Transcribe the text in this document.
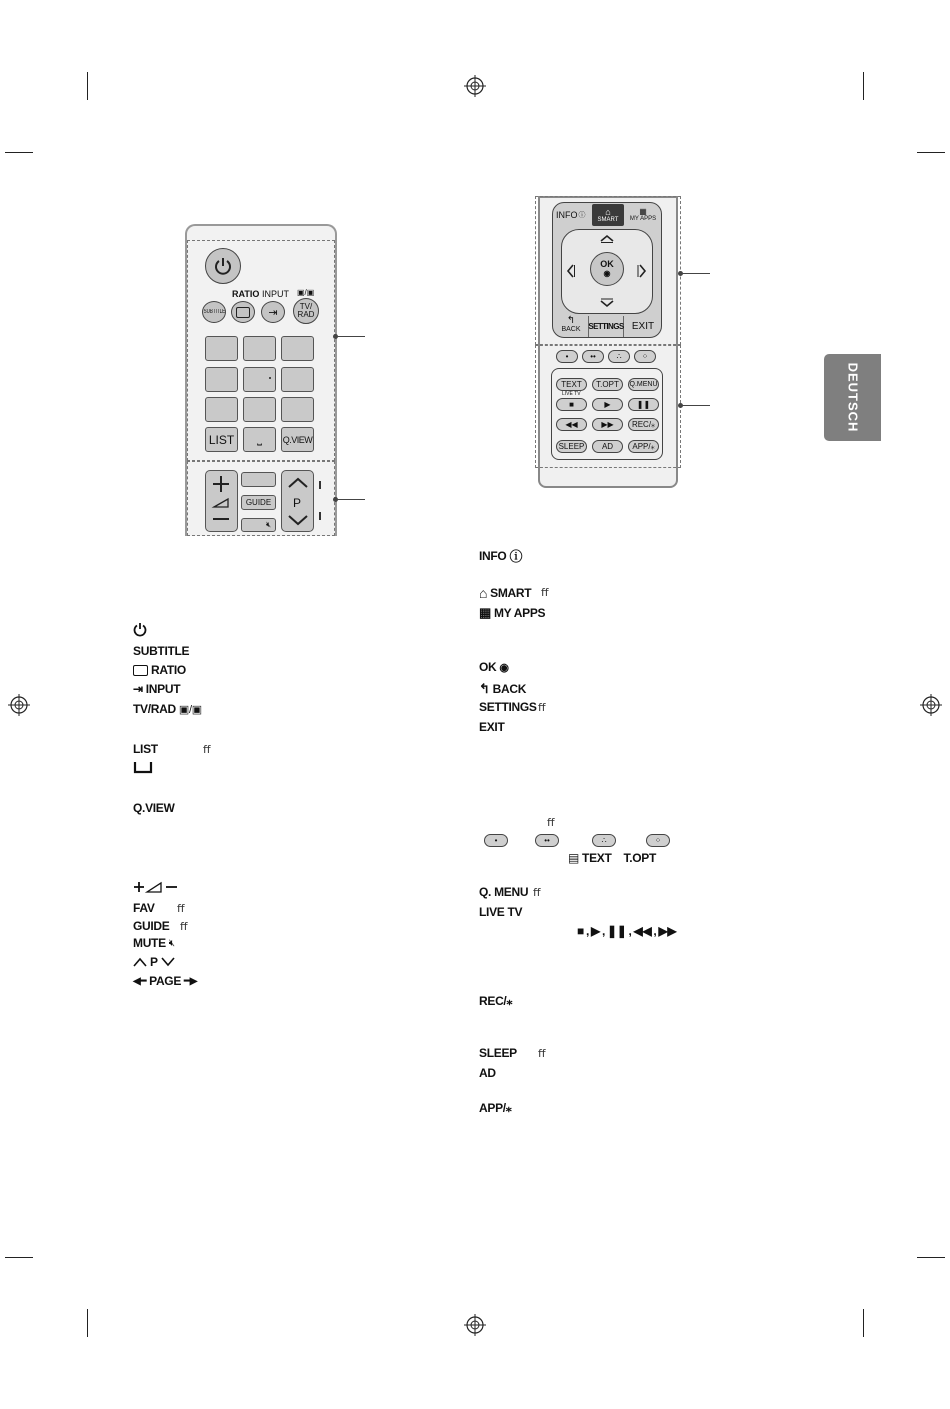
DEUTSCH
RATIO INPUT ▣/▣
SUBTITLE	⇥	TV/
RAD
LIST ⎵ Q.VIEW
GUIDE
🔇︎
P
INFO ⓘ ⌂
SMART
▦
MY APPS
OK
◉
↰
BACK SETTINGS EXIT
•	••	∴	⁘
TEXT T.OPT Q.MENU
LIVE TV
■	▶	❚❚
◀◀	▶▶	REC/⁎
SLEEP AD APP/⁎
SUBTITLE
RATIO
⇥ INPUT
TV/RAD ▣/▣
LIST	ﬀ
Q.VIEW
FAV ﬀ
GUIDE ﬀ
MUTE 🔇︎
P
◀━ PAGE ━▶
INFO ⓘ
⌂ SMART ﬀ
▦ MY APPS
OK ◉
↰ BACK
SETTINGS ﬀ
EXIT
ﬀ
•	••	∴	⁘
▤ TEXT T.OPT
Q. MENU ﬀ
LIVE TV
■ , ▶ , ❚❚ , ◀◀ , ▶▶
REC/⁎
SLEEP ﬀ
AD
APP/⁎
